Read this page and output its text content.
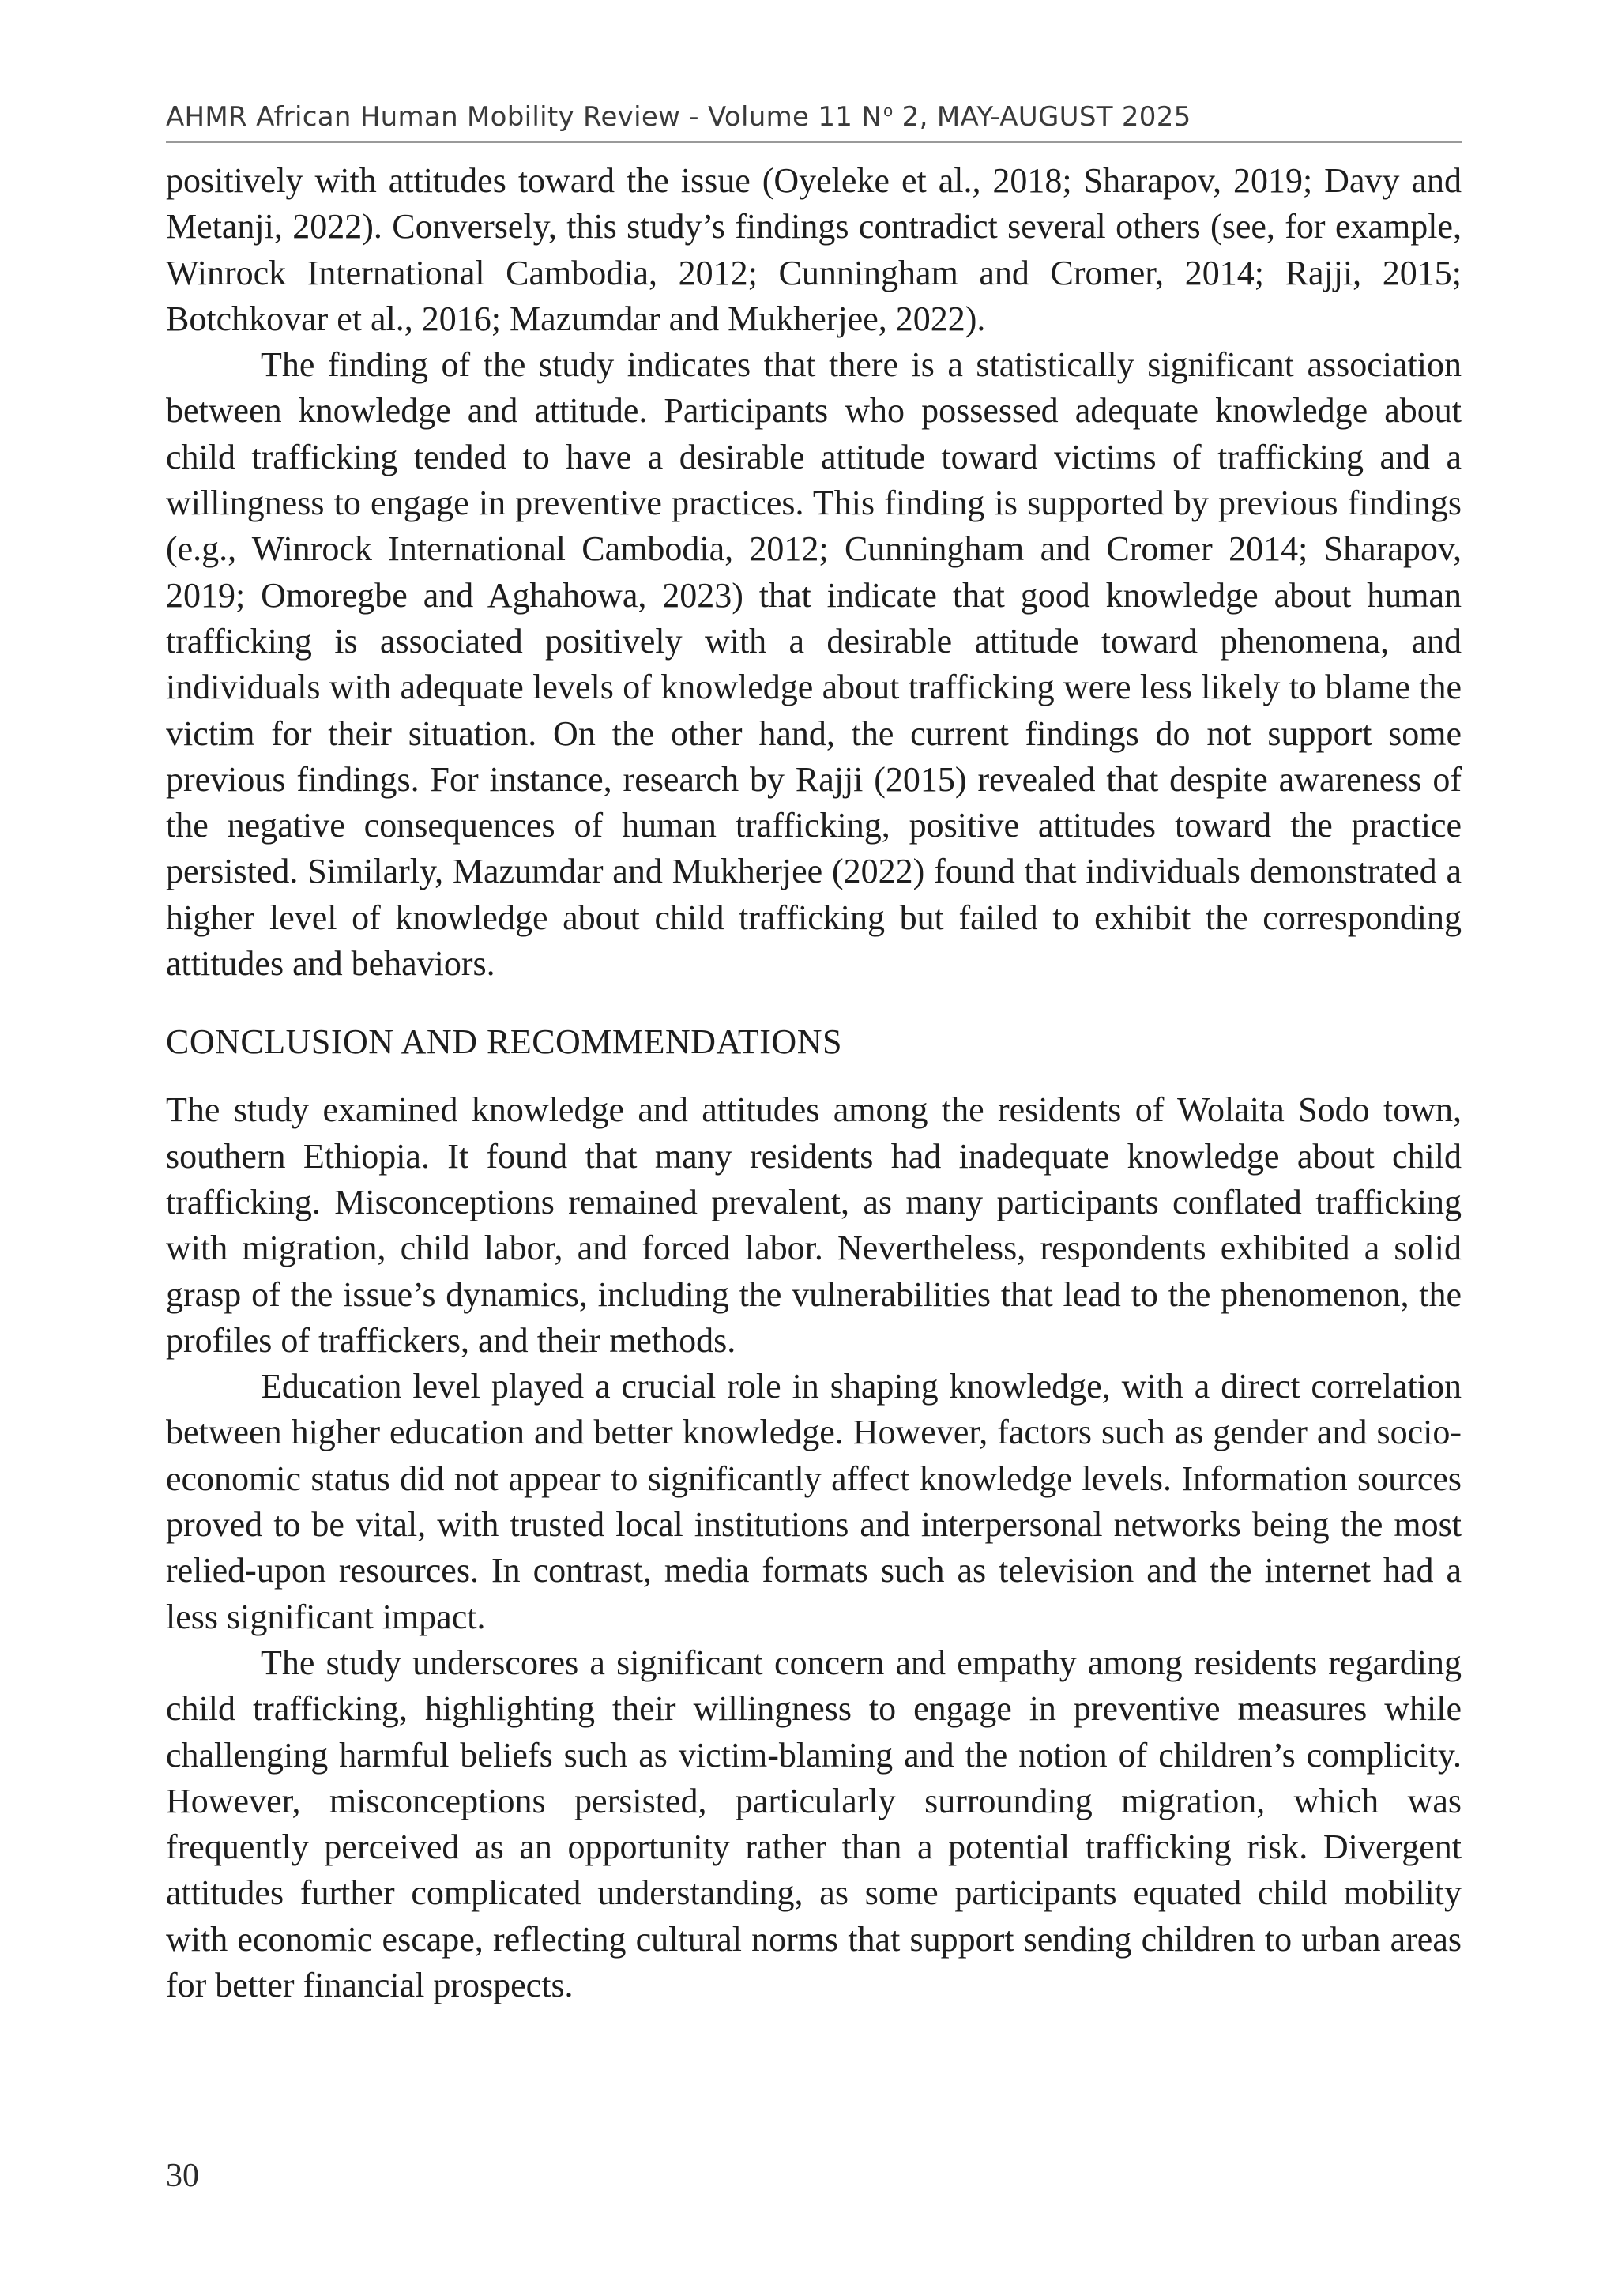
AHMR African Human Mobility Review - Volume 11 N $^o$ 2, MAY-AUGUST 2025

positively with attitudes toward the issue (Oyeleke et al., 2018; Sharapov, 2019; Davy and Metanji, 2022). Conversely, this study’s findings contradict several others (see, for example, Winrock International Cambodia, 2012; Cunningham and Cromer, 2014; Rajji, 2015; Botchkovar et al., 2016; Mazumdar and Mukherjee, 2022).

The finding of the study indicates that there is a statistically significant association between knowledge and attitude. Participants who possessed adequate knowledge about child trafficking tended to have a desirable attitude toward victims of trafficking and a willingness to engage in preventive practices. This finding is supported by previous findings (e.g., Winrock International Cambodia, 2012; Cunningham and Cromer 2014; Sharapov, 2019; Omoregbe and Aghahowa, 2023) that indicate that good knowledge about human trafficking is associated positively with a desirable attitude toward phenomena, and individuals with adequate levels of knowledge about trafficking were less likely to blame the victim for their situation. On the other hand, the current findings do not support some previous findings. For instance, research by Rajji (2015) revealed that despite awareness of the negative consequences of human trafficking, positive attitudes toward the practice persisted. Similarly, Mazumdar and Mukherjee (2022) found that individuals demonstrated a higher level of knowledge about child trafficking but failed to exhibit the corresponding attitudes and behaviors.

CONCLUSION AND RECOMMENDATIONS

The study examined knowledge and attitudes among the residents of Wolaita Sodo town, southern Ethiopia. It found that many residents had inadequate knowledge about child trafficking. Misconceptions remained prevalent, as many participants conflated trafficking with migration, child labor, and forced labor. Nevertheless, respondents exhibited a solid grasp of the issue’s dynamics, including the vulnerabilities that lead to the phenomenon, the profiles of traffickers, and their methods.

Education level played a crucial role in shaping knowledge, with a direct correlation between higher education and better knowledge. However, factors such as gender and socio-economic status did not appear to significantly affect knowledge levels. Information sources proved to be vital, with trusted local institutions and interpersonal networks being the most relied-upon resources. In contrast, media formats such as television and the internet had a less significant impact.

The study underscores a significant concern and empathy among residents regarding child trafficking, highlighting their willingness to engage in preventive measures while challenging harmful beliefs such as victim-blaming and the notion of children’s complicity. However, misconceptions persisted, particularly surrounding migration, which was frequently perceived as an opportunity rather than a potential trafficking risk. Divergent attitudes further complicated understanding, as some participants equated child mobility with economic escape, reflecting cultural norms that support sending children to urban areas for better financial prospects.

30
